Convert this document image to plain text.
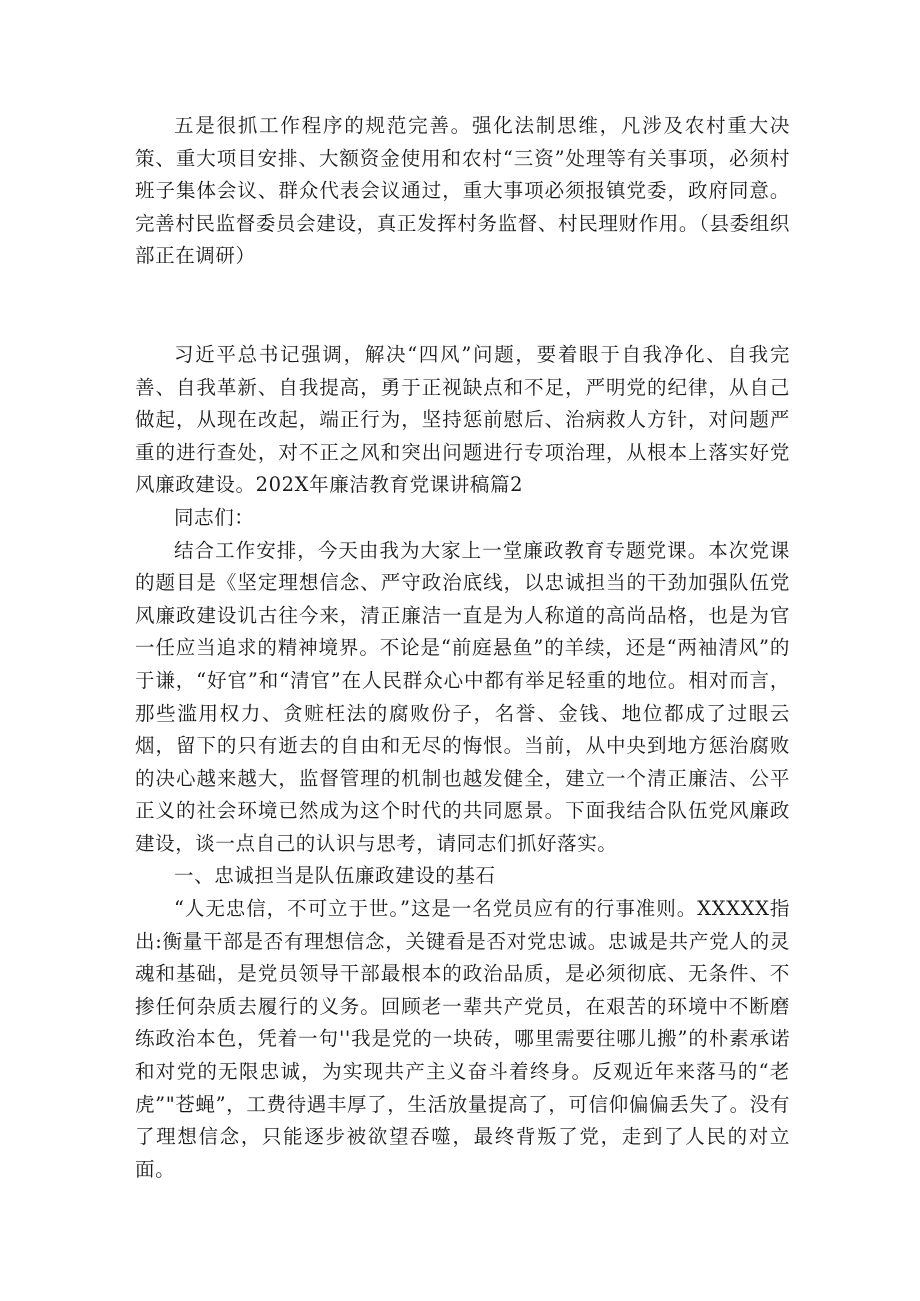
五是很抓工作程序的规范完善。强化法制思维，凡涉及农村重大决策、重大项目安排、大额资金使用和农村“三资”处理等有关事项，必须村班子集体会议、群众代表会议通过，重大事项必须报镇党委，政府同意。完善村民监督委员会建设，真正发挥村务监督、村民理财作用。（县委组织部正在调研）

习近平总书记强调，解决“四风”问题，要着眼于自我净化、自我完善、自我革新、自我提高，勇于正视缺点和不足，严明党的纪律，从自己做起，从现在改起，端正行为，坚持惩前慰后、治病救人方针，对问题严重的进行查处，对不正之风和突出问题进行专项治理，从根本上落实好党风廉政建设。202X年廉洁教育党课讲稿篇2

同志们：

结合工作安排，今天由我为大家上一堂廉政教育专题党课。本次党课的题目是《坚定理想信念、严守政治底线，以忠诚担当的干劲加强队伍党风廉政建设讥古往今来，清正廉洁一直是为人称道的高尚品格，也是为官一任应当追求的精神境界。不论是“前庭悬鱼”的羊续，还是“两袖清风”的于谦，“好官”和“清官”在人民群众心中都有举足轻重的地位。相对而言，那些滥用权力、贪赃枉法的腐败份子，名誉、金钱、地位都成了过眼云烟，留下的只有逝去的自由和无尽的悔恨。当前，从中央到地方惩治腐败的决心越来越大，监督管理的机制也越发健全，建立一个清正廉洁、公平正义的社会环境已然成为这个时代的共同愿景。下面我结合队伍党风廉政建设，谈一点自己的认识与思考，请同志们抓好落实。

一、忠诚担当是队伍廉政建设的基石

“人无忠信，不可立于世。”这是一名党员应有的行事准则。XXXXX指出:衡量干部是否有理想信念，关键看是否对党忠诚。忠诚是共产党人的灵魂和基础，是党员领导干部最根本的政治品质，是必须彻底、无条件、不掺任何杂质去履行的义务。回顾老一辈共产党员，在艰苦的环境中不断磨练政治本色，凭着一句''我是党的一块砖，哪里需要往哪儿搬”的朴素承诺和对党的无限忠诚，为实现共产主义奋斗着终身。反观近年来落马的“老虎”"苍蝇”，工费待遇丰厚了，生活放量提高了，可信仰偏偏丢失了。没有了理想信念，只能逐步被欲望吞噬，最终背叛了党，走到了人民的对立面。
